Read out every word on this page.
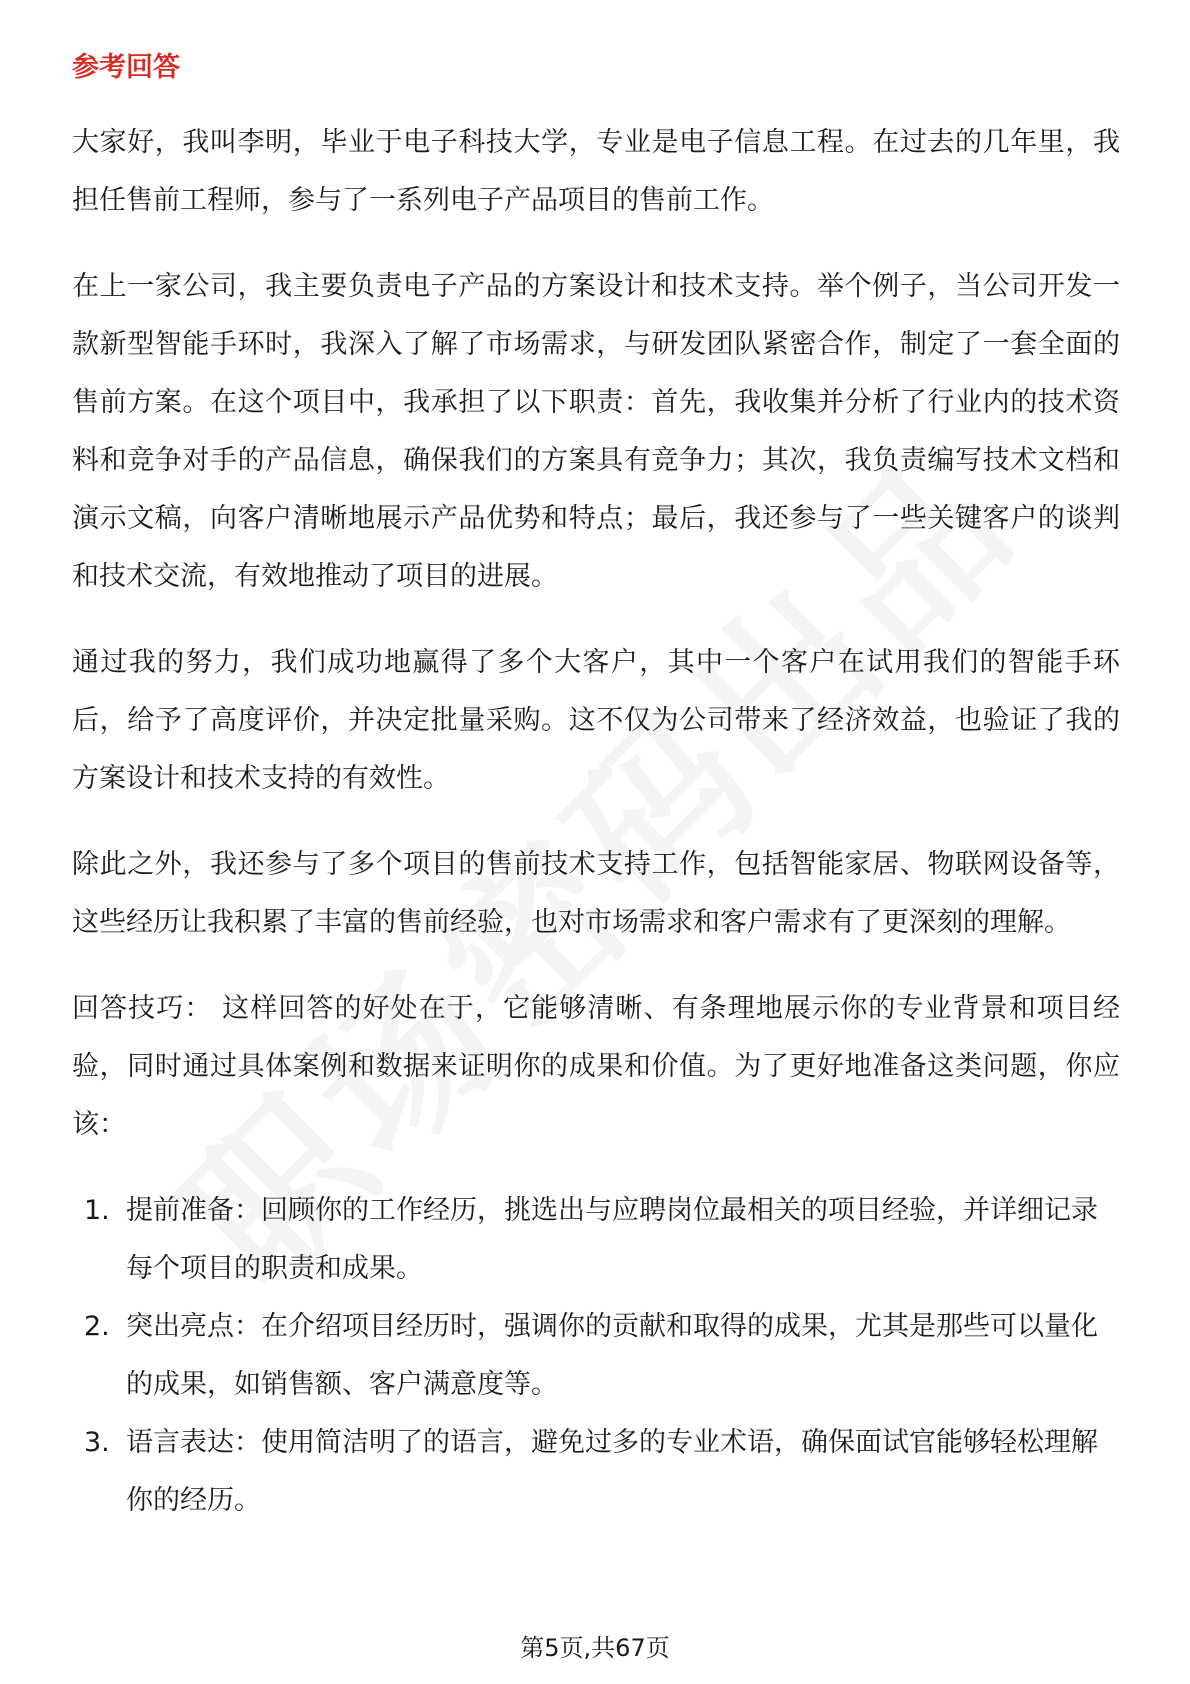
参考回答

大家好，我叫李明，毕业于电子科技大学，专业是电子信息工程。在过去的几年里，我担任售前工程师，参与了一系列电子产品项目的售前工作。

在上一家公司，我主要负责电子产品的方案设计和技术支持。举个例子，当公司开发一款新型智能手环时，我深入了解了市场需求，与研发团队紧密合作，制定了一套全面的售前方案。在这个项目中，我承担了以下职责：首先，我收集并分析了行业内的技术资料和竞争对手的产品信息，确保我们的方案具有竞争力；其次，我负责编写技术文档和演示文稿，向客户清晰地展示产品优势和特点；最后，我还参与了一些关键客户的谈判和技术交流，有效地推动了项目的进展。

通过我的努力，我们成功地赢得了多个大客户，其中一个客户在试用我们的智能手环后，给予了高度评价，并决定批量采购。这不仅为公司带来了经济效益，也验证了我的方案设计和技术支持的有效性。

除此之外，我还参与了多个项目的售前技术支持工作，包括智能家居、物联网设备等，这些经历让我积累了丰富的售前经验，也对市场需求和客户需求有了更深刻的理解。

回答技巧： 这样回答的好处在于，它能够清晰、有条理地展示你的专业背景和项目经验，同时通过具体案例和数据来证明你的成果和价值。为了更好地准备这类问题，你应该：

1. 提前准备：回顾你的工作经历，挑选出与应聘岗位最相关的项目经验，并详细记录每个项目的职责和成果。
2. 突出亮点：在介绍项目经历时，强调你的贡献和取得的成果，尤其是那些可以量化的成果，如销售额、客户满意度等。
3. 语言表达：使用简洁明了的语言，避免过多的专业术语，确保面试官能够轻松理解你的经历。
第5页,共67页
